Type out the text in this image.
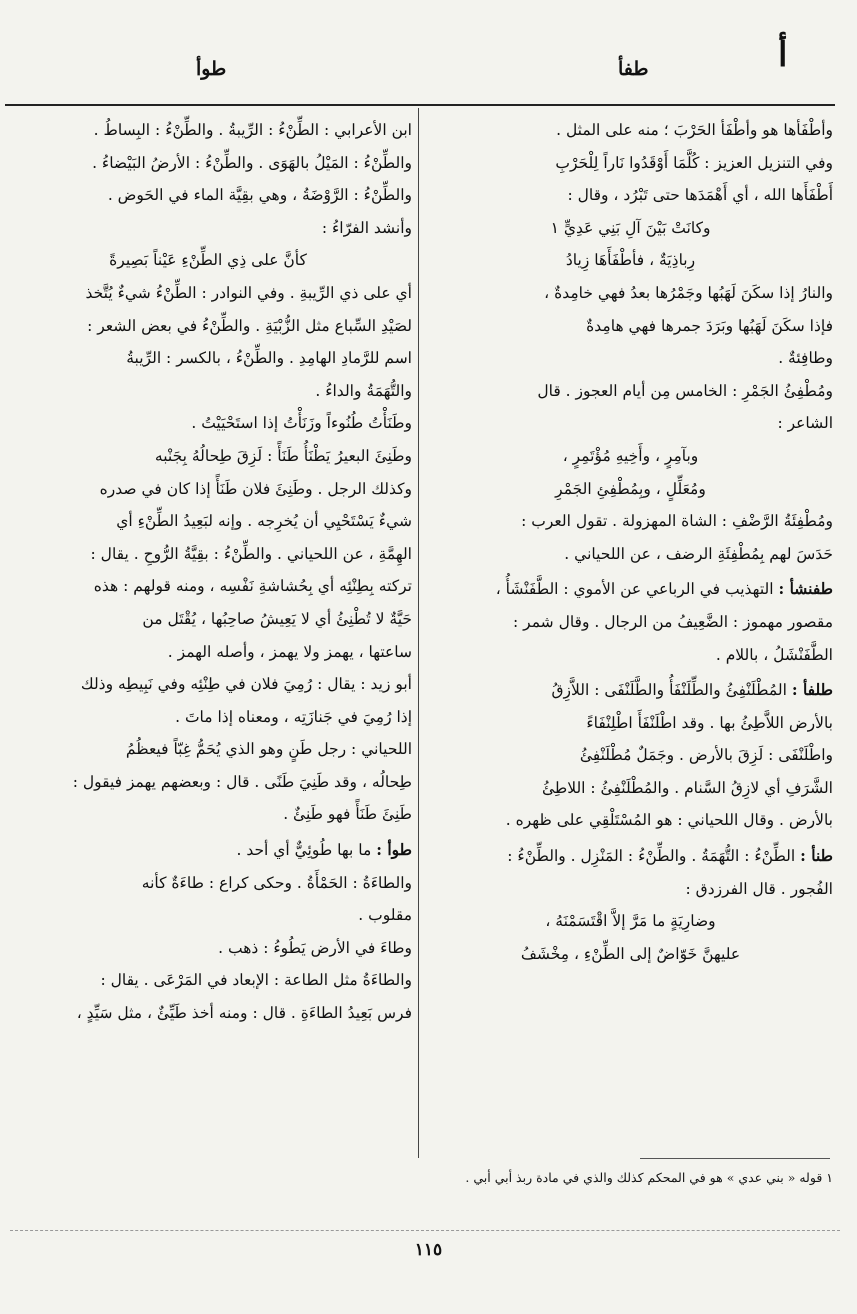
أ
طفأ
طوأ
وأطْفَأها هو وأطْفَأ الحَرْبَ ؛ منه على المثل .
وفي التنزيل العزيز : كُلَّمَا أَوْقَدُوا نَاراً لِلْحَرْبِ
أَطْفَأَها الله ، أي أَهْمَدَها حتى تَبْرُد ، وقال :
وكانَتْ بَيْنَ آلِ بَنِي عَدِيٍّ ١
رِباذِيَةٌ ، فأطْفَأَهَا زِيادُ
والنارُ إذا سكَنَ لَهَبُها وجَمْرُها بعدُ فهي خامِدةٌ ،
فإذا سكَنَ لَهَبُها وبَرَدَ جمرها فهي هامِدةٌ
وطافِئةٌ .
ومُطْفِئُ الجَمْرِ : الخامس مِن أيام العجوز . قال
الشاعر :
وبآمِرٍ ، وأَخِيهِ مُؤْتَمِرٍ ،
ومُعَلِّلٍ ، وبِمُطْفِئِ الجَمْرِ
ومُطْفِئَةُ الرَّضْفِ : الشاة المهزولة . تقول العرب :
حَدَسَ لهم بِمُطْفِئَةِ الرضف ، عن اللحياني .
طفنشأ : التهذيب في الرباعي عن الأموي : الطَّفَنْشَأُ ،
مقصور مهموز : الضَّعِيفُ من الرجال . وقال شمر :
الطَّفَنْشَلُ ، باللام .
طلفأ : المُطْلَنْفِئُ والطِّلَنْفَأُ والطَّلَنْفَى : اللاَّزِقُ
بالأرض اللاَّطِئُ بها . وقد اطْلَنْفَأَ اطْلِنْفَاءً
واطْلَنْفَى : لَزِقَ بالأرض . وجَمَلٌ مُطْلَنْفِئُ
الشَّرَفِ أي لازِقُ السَّنام . والمُطْلَنْفِئُ : اللاطِئُ
بالأرض . وقال اللحياني : هو المُسْتَلْقِي على ظهره .
طنأ : الطِّنْءُ : التُّهَمَةُ . والطِّنْءُ : المَنْزِل . والطِّنْءُ :
الفُجور . قال الفرزدق :
وضارِيَةٍ ما مَرَّ إلاَّ اقْتَسَمْنَهُ ،
عليهنَّ خَوّاضٌ إلى الطِّنْءِ ، مِخْشَفُ
ابن الأعرابي : الطِّنْءُ : الرِّيبةُ . والطِّنْءُ : البِساطُ .
والطِّنْءُ : المَيْلُ بالهَوَى . والطِّنْءُ : الأرضُ البَيْضاءُ .
والطِّنْءُ : الرَّوْضَةُ ، وهي بقِيَّة الماء في الحَوض .
وأنشد الفرّاءُ :
كأنَّ على ذِي الطِّنْءِ عَيْناً بَصِيرةً
أي على ذي الرِّيبةِ . وفي النوادر : الطِّنْءُ شيءٌ يُتَّخذ
لصَيْدِ السِّباع مثل الزُّبْيَةِ . والطِّنْءُ في بعض الشعر :
اسم للرَّمادِ الهامِدِ . والطِّنْءُ ، بالكسر : الرِّيبةُ
والتُّهَمَةُ والداءُ .
وطَنَأْتُ طُنُوءاً وزَنَأْتُ إذا استَحْيَيْتُ .
وطَنِئَ البعيرُ يَطْنَأُ طَنَأً : لَزِقَ طِحالُهُ بِجَنْبه
وكذلك الرجل . وطَنِئَ فلان طَنَأً إذا كان في صدره
شيءٌ يَسْتَحْيِي أن يُخرِجه . وإنه لبَعِيدُ الطِّنْءِ أي
الهِمَّةِ ، عن اللحياني . والطِّنْءُ : بقِيَّةُ الرُّوحِ . يقال :
تركته بِطِنْئِه أي بِحُشاشةِ نَفْسِه ، ومنه قولهم : هذه
حَيَّةٌ لا تُطْنِئُ أي لا يَعِيشُ صاحِبُها ، يُقْتَل من
ساعتها ، يهمز ولا يهمز ، وأصله الهمز .
أبو زيد : يقال : رُمِيَ فلان في طِنْئِه وفي نَبِيطِه وذلك
إذا رُمِيَ في جَنازَتِه ، ومعناه إذا ماتَ .
اللحياني : رجل طَنٍ وهو الذي يُحَمُّ غِبّاً فيعظُمُ
طِحالُه ، وقد طَنِيَ طَنًى . قال : وبعضهم يهمز فيقول :
طَنِئَ طَنَأً فهو طَنِئٌ .
طوأ : ما بها طُوئِيٌّ أي أحد .
والطاءَةُ : الحَمْأَةُ . وحكى كراع : طاءَةٌ كأنه
مقلوب .
وطاءَ في الأرض يَطُوءُ : ذهب .
والطاءَةُ مثل الطاعة : الإبعاد في المَرْعَى . يقال :
فرس بَعِيدُ الطاءَةِ . قال : ومنه أخذ طَيِّئٌ ، مثل سَيِّدٍ ،
١ قوله « بني عدي » هو في المحكم كذلك والذي في مادة ربذ أبي أبي .
١١٥
